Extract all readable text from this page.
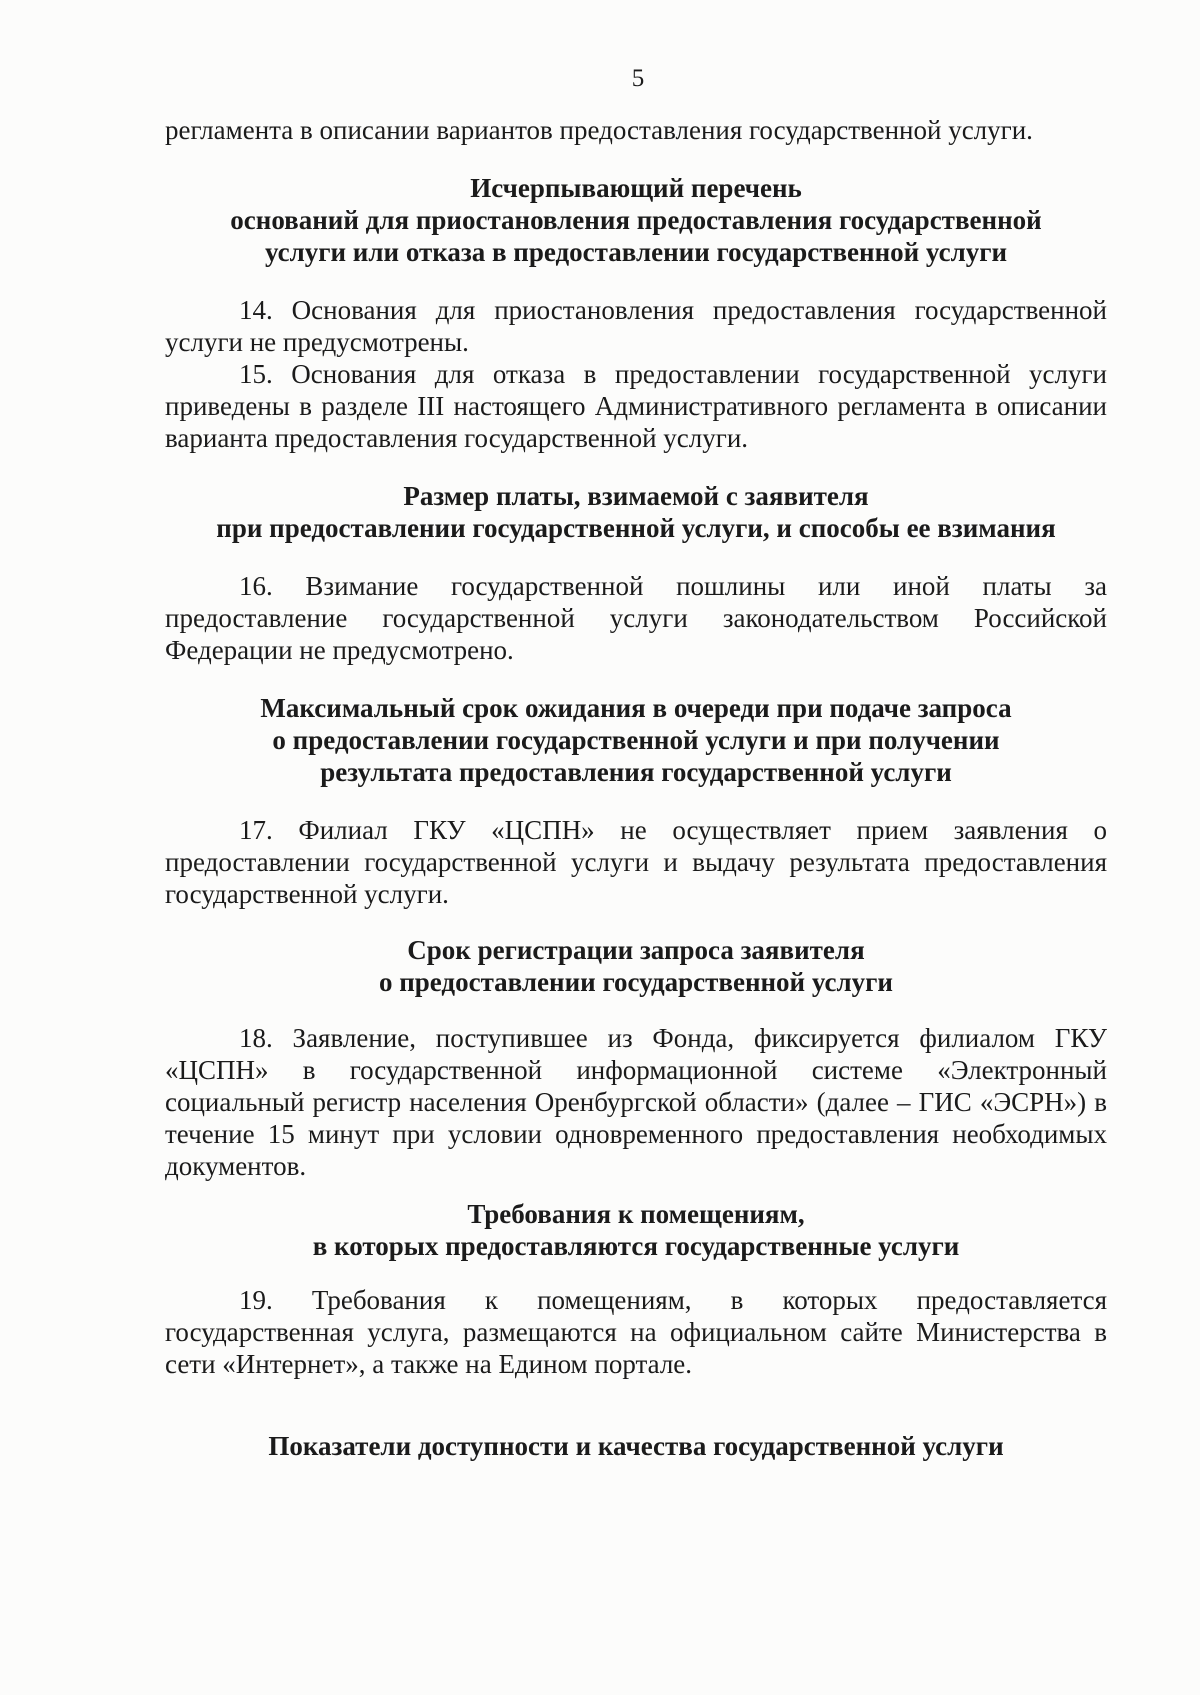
5
регламента в описании вариантов предоставления государственной услуги.
Исчерпывающий перечень
оснований для приостановления предоставления государственной
услуги или отказа в предоставлении государственной услуги

14. Основания для приостановления предоставления государственной услуги не предусмотрены.

15. Основания для отказа в предоставлении государственной услуги приведены в разделе III настоящего Административного регламента в описании варианта предоставления государственной услуги.

Размер платы, взимаемой с заявителя
при предоставлении государственной услуги, и способы ее взимания

16. Взимание государственной пошлины или иной платы за предоставление государственной услуги законодательством Российской Федерации не предусмотрено.

Максимальный срок ожидания в очереди при подаче запроса
о предоставлении государственной услуги и при получении
результата предоставления государственной услуги

17. Филиал ГКУ «ЦСПН» не осуществляет прием заявления о предоставлении государственной услуги и выдачу результата предоставления государственной услуги.

Срок регистрации запроса заявителя
о предоставлении государственной услуги

18. Заявление, поступившее из Фонда, фиксируется филиалом ГКУ «ЦСПН» в государственной информационной системе «Электронный социальный регистр населения Оренбургской области» (далее – ГИС «ЭСРН») в течение 15 минут при условии одновременного предоставления необходимых документов.

Требования к помещениям,
в которых предоставляются государственные услуги

19. Требования к помещениям, в которых предоставляется государственная услуга, размещаются на официальном сайте Министерства в сети «Интернет», а также на Едином портале.

Показатели доступности и качества государственной услуги
